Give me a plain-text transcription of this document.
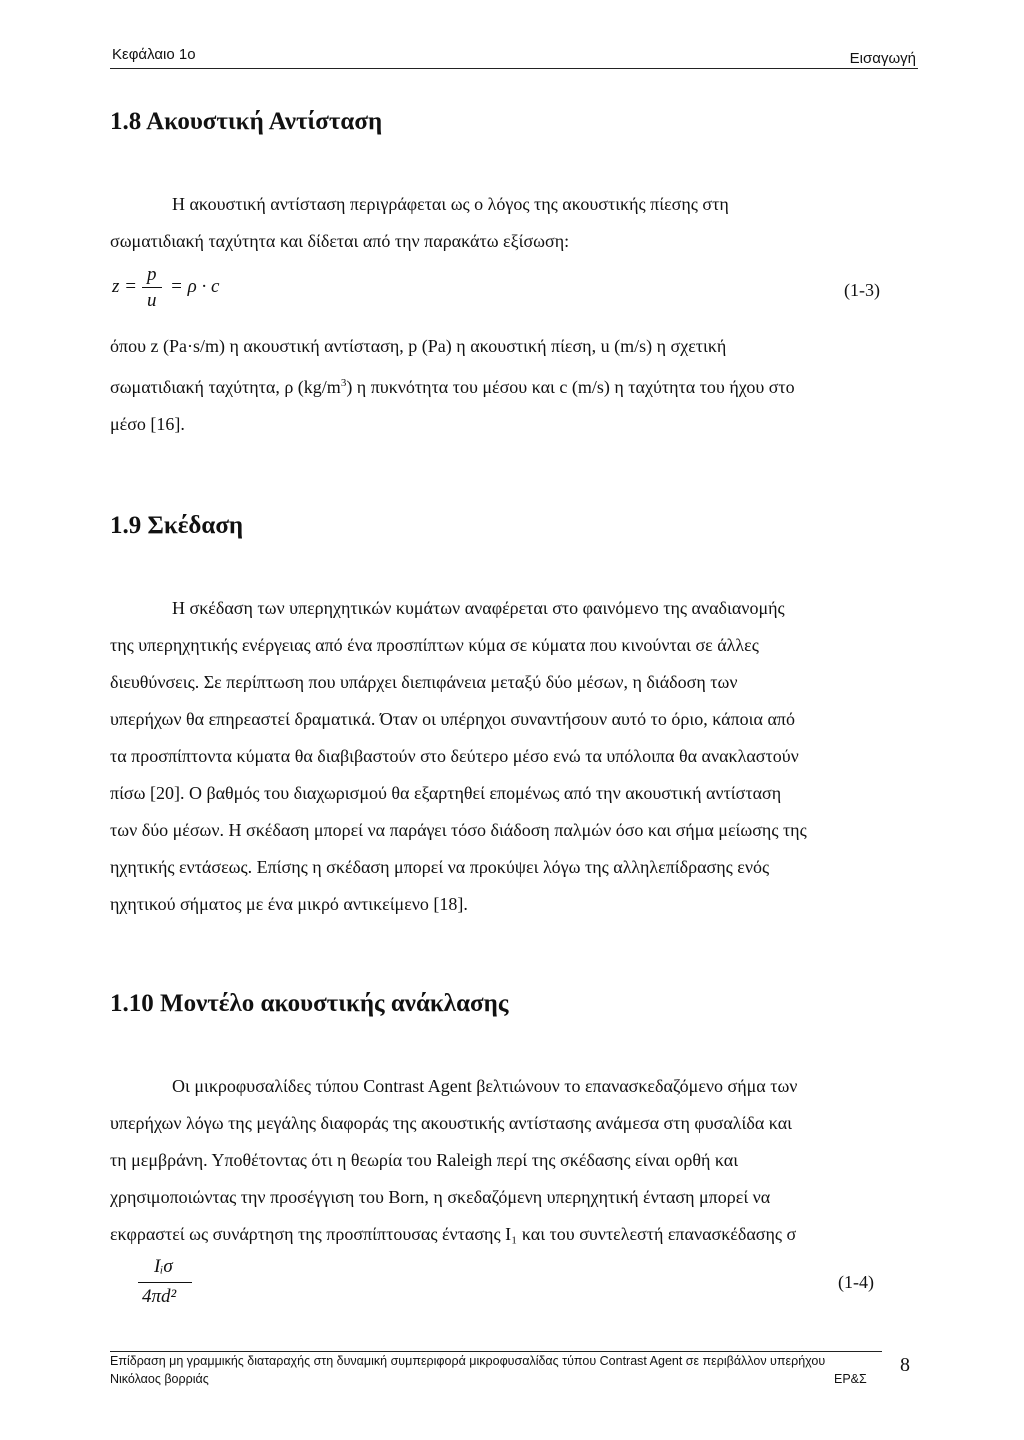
Κεφάλαιο 1ο	Εισαγωγή
1.8 Ακουστική Αντίσταση
Η ακουστική αντίσταση περιγράφεται ως ο λόγος της ακουστικής πίεσης στη
σωματιδιακή ταχύτητα και δίδεται από την παρακάτω εξίσωση:
z =
p
u
= ρ · c	(1-3)
όπου z (Pa·s/m) η ακουστική αντίσταση, p (Pa) η ακουστική πίεση, u (m/s) η σχετική
σωματιδιακή ταχύτητα, ρ $(kg/m^3)$ η πυκνότητα του μέσου και c (m/s) η ταχύτητα του ήχου στο
μέσο [16].
1.9 Σκέδαση
Η σκέδαση των υπερηχητικών κυμάτων αναφέρεται στο φαινόμενο της αναδιανομής
της υπερηχητικής ενέργειας από ένα προσπίπτων κύμα σε κύματα που κινούνται σε άλλες
διευθύνσεις. Σε περίπτωση που υπάρχει διεπιφάνεια μεταξύ δύο μέσων, η διάδοση των
υπερήχων θα επηρεαστεί δραματικά. Όταν οι υπέρηχοι συναντήσουν αυτό το όριο, κάποια από
τα προσπίπτοντα κύματα θα διαβιβαστούν στο δεύτερο μέσο ενώ τα υπόλοιπα θα ανακλαστούν
πίσω [20]. Ο βαθμός του διαχωρισμού θα εξαρτηθεί επομένως από την ακουστική αντίσταση
των δύο μέσων. Η σκέδαση μπορεί να παράγει τόσο διάδοση παλμών όσο και σήμα μείωσης της
ηχητικής εντάσεως. Επίσης η σκέδαση μπορεί να προκύψει λόγω της αλληλεπίδρασης ενός
ηχητικού σήματος με ένα μικρό αντικείμενο [18].
1.10 Μοντέλο ακουστικής ανάκλασης
Οι μικροφυσαλίδες τύπου Contrast Agent βελτιώνουν το επανασκεδαζόμενο σήμα των
υπερήχων λόγω της μεγάλης διαφοράς της ακουστικής αντίστασης ανάμεσα στη φυσαλίδα και
τη μεμβράνη. Υποθέτοντας ότι η θεωρία του Raleigh περί της σκέδασης είναι ορθή και
χρησιμοποιώντας την προσέγγιση του Born, η σκεδαζόμενη υπερηχητική ένταση μπορεί να
εκφραστεί ως συνάρτηση της προσπίπτουσας έντασης I₁ και του συντελεστή επανασκέδασης σ
Iᵢσ
4πd²
(1-4)
Επίδραση μη γραμμικής διαταραχής στη δυναμική συμπεριφορά μικροφυσαλίδας τύπου Contrast Agent σε περιβάλλον υπερήχου
Νικόλαος βορριάς	ΕΡ&Σ
8
